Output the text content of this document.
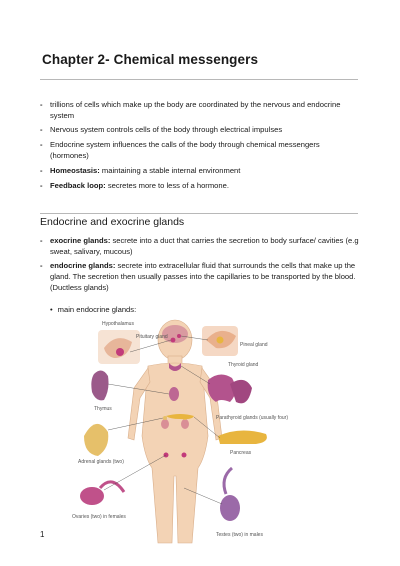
Chapter 2- Chemical messengers
- trillions of cells which make up the body are coordinated by the nervous and endocrine system
- Nervous system controls cells of the body through electrical impulses
- Endocrine system influences the calls of the body through chemical messengers (hormones)
- Homeostasis: maintaining a stable internal environment
- Feedback loop: secretes more to less of a hormone.
Endocrine and exocrine glands
- exocrine glands: secrete into a duct that carries the secretion to body surface/ cavities (e.g sweat, salivary, mucous)
- endocrine glands: secrete into extracellular fluid that surrounds the cells that make up the gland. The secretion then usually passes into the capillaries to be transported by the blood. (Ductless glands)
• main endocrine glands:
Hypothalamus
Pituitary gland
Pineal gland
Thyroid gland
Thymus
Parathyroid glands (usually four)
Adrenal glands (two)
Pancreas
Ovaries (two) in females
Testes (two) in males
1
